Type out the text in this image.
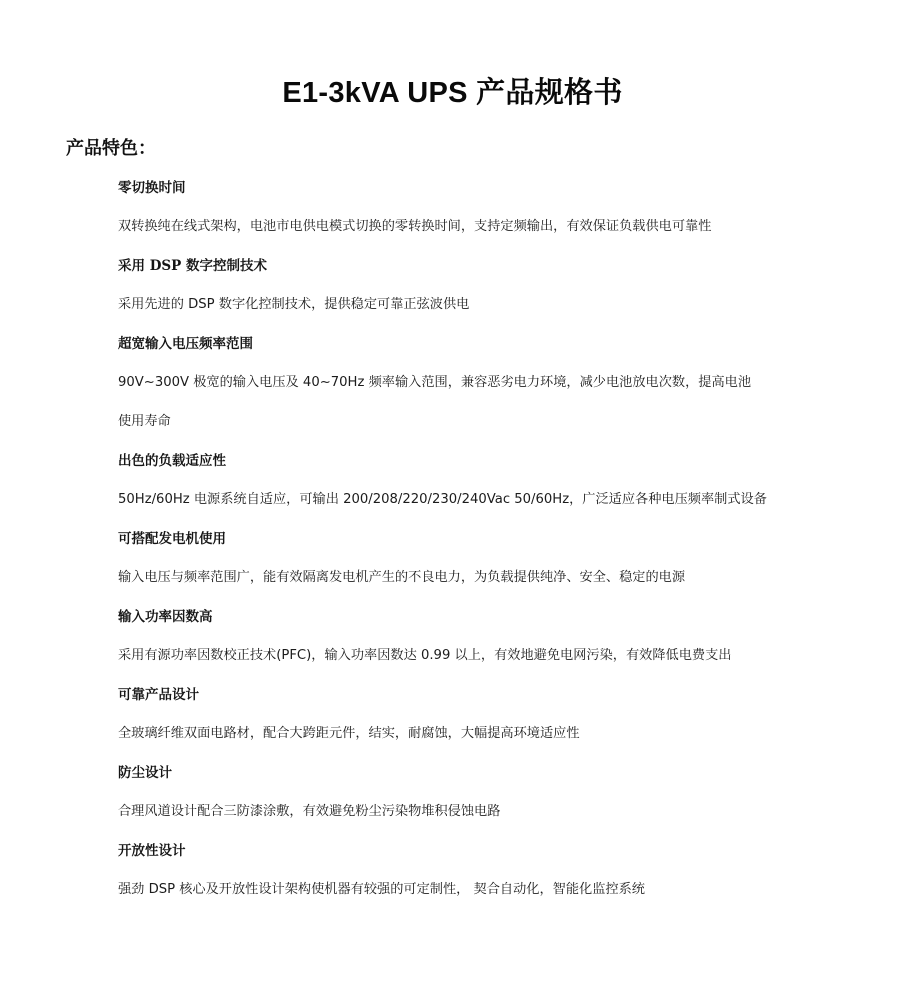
E1-3kVA UPS 产品规格书
产品特色：
零切换时间
双转换纯在线式架构，电池市电供电模式切换的零转换时间，支持定频输出，有效保证负载供电可靠性
采用 DSP 数字控制技术
采用先进的 DSP 数字化控制技术，提供稳定可靠正弦波供电
超宽输入电压频率范围
90V~300V 极宽的输入电压及 40~70Hz 频率输入范围，兼容恶劣电力环境，减少电池放电次数，提高电池
使用寿命
出色的负载适应性
50Hz/60Hz 电源系统自适应，可输出 200/208/220/230/240Vac 50/60Hz，广泛适应各种电压频率制式设备
可搭配发电机使用
输入电压与频率范围广，能有效隔离发电机产生的不良电力，为负载提供纯净、安全、稳定的电源
输入功率因数高
采用有源功率因数校正技术(PFC)，输入功率因数达 0.99 以上，有效地避免电网污染，有效降低电费支出
可靠产品设计
全玻璃纤维双面电路材，配合大跨距元件，结实，耐腐蚀，大幅提高环境适应性
防尘设计
合理风道设计配合三防漆涂敷，有效避免粉尘污染物堆积侵蚀电路
开放性设计
强劲 DSP 核心及开放性设计架构使机器有较强的可定制性， 契合自动化，智能化监控系统
